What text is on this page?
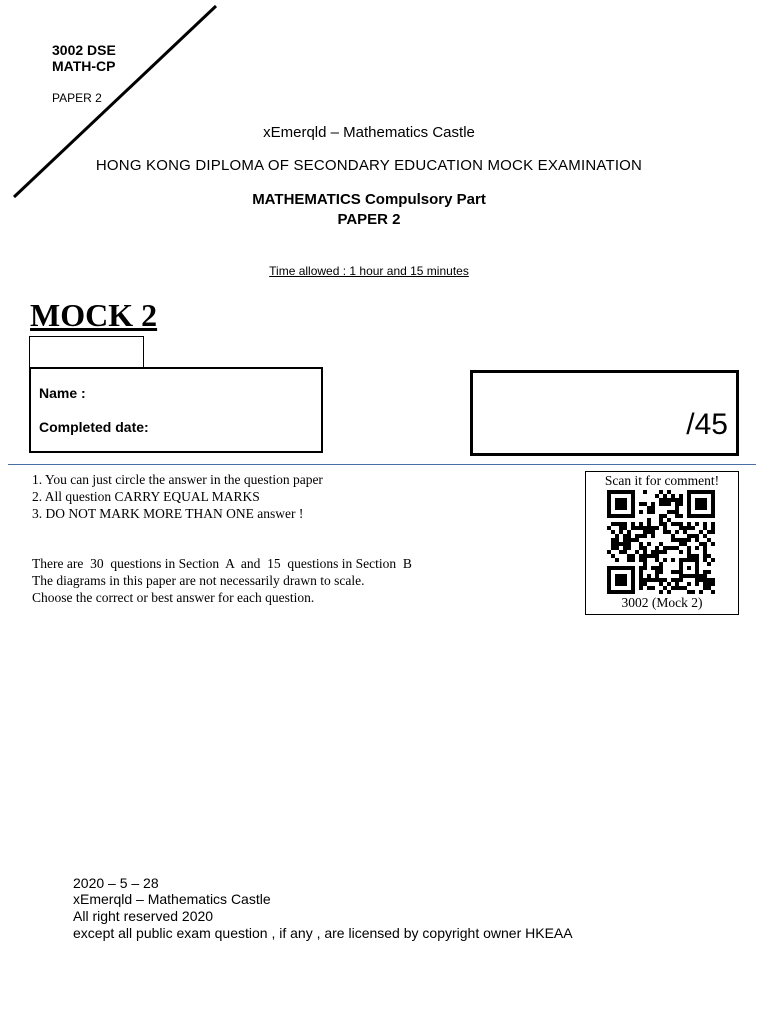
3002 DSE
MATH-CP
PAPER 2
xEmerqld – Mathematics Castle
HONG KONG DIPLOMA OF SECONDARY EDUCATION MOCK EXAMINATION
MATHEMATICS Compulsory Part
PAPER 2
Time allowed : 1 hour and 15 minutes
MOCK 2
Name :
Completed date:	/45
1. You can just circle the answer in the question paper
2. All question CARRY EQUAL MARKS
3. DO NOT MARK MORE THAN ONE answer !
There are  30  questions in Section  A  and  15  questions in Section  B
The diagrams in this paper are not necessarily drawn to scale.
Choose the correct or best answer for each question.
Scan it for comment!
3002 (Mock 2)
2020 – 5 – 28
xEmerqld – Mathematics Castle
All right reserved 2020
except all public exam question , if any , are licensed by copyright owner HKEAA
